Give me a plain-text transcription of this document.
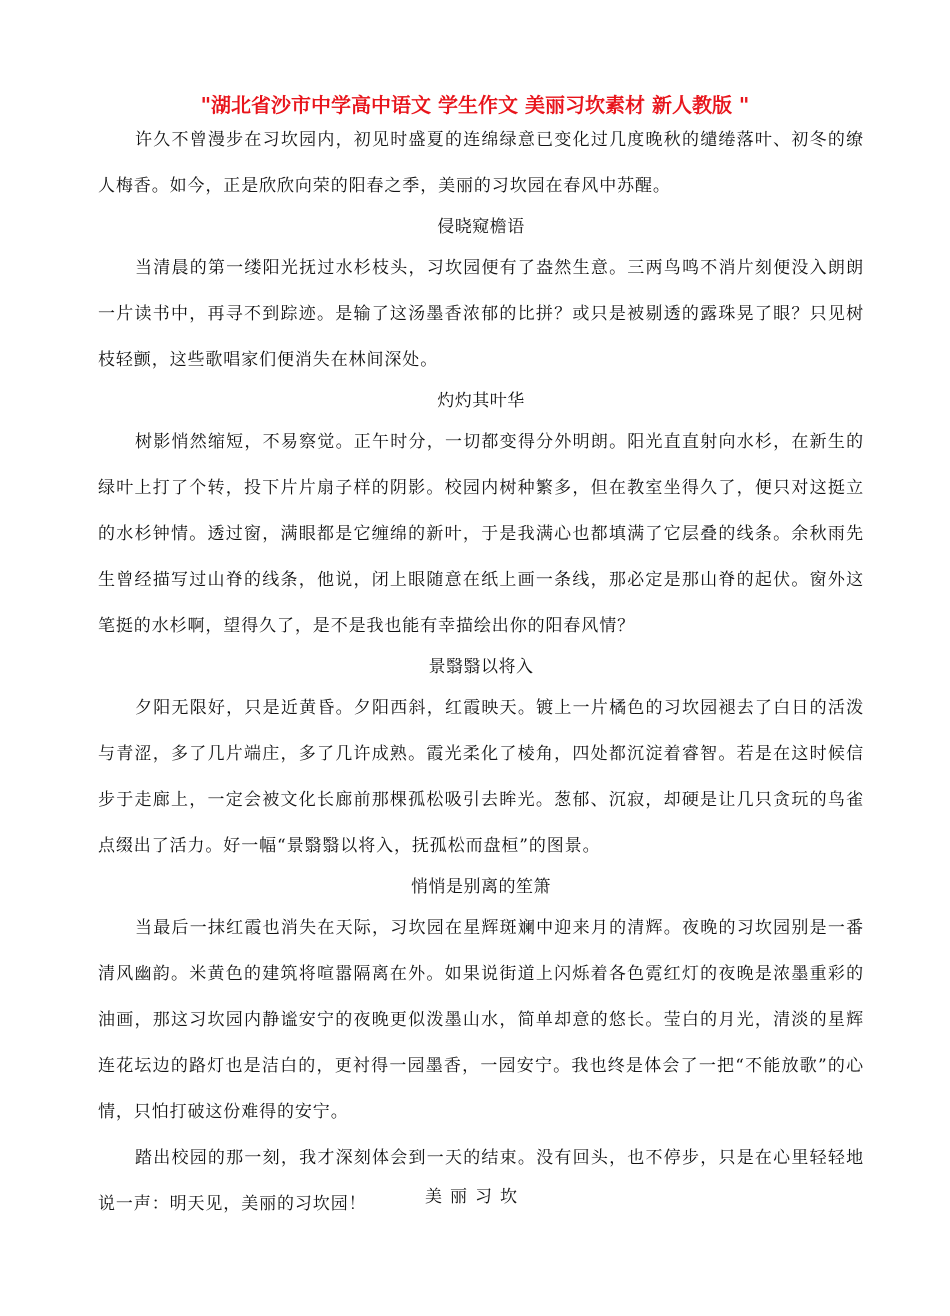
"湖北省沙市中学高中语文 学生作文 美丽习坎素材 新人教版 "

许久不曾漫步在习坎园内，初见时盛夏的连绵绿意已变化过几度晚秋的缱绻落叶、初冬的缭人梅香。如今，正是欣欣向荣的阳春之季，美丽的习坎园在春风中苏醒。

侵晓窥檐语

当清晨的第一缕阳光抚过水杉枝头，习坎园便有了盎然生意。三两鸟鸣不消片刻便没入朗朗一片读书中，再寻不到踪迹。是输了这汤墨香浓郁的比拼？或只是被剔透的露珠晃了眼？只见树枝轻颤，这些歌唱家们便消失在林间深处。

灼灼其叶华

树影悄然缩短，不易察觉。正午时分，一切都变得分外明朗。阳光直直射向水杉，在新生的绿叶上打了个转，投下片片扇子样的阴影。校园内树种繁多，但在教室坐得久了，便只对这挺立的水杉钟情。透过窗，满眼都是它缠绵的新叶，于是我满心也都填满了它层叠的线条。余秋雨先生曾经描写过山脊的线条，他说，闭上眼随意在纸上画一条线，那必定是那山脊的起伏。窗外这笔挺的水杉啊，望得久了，是不是我也能有幸描绘出你的阳春风情？

景翳翳以将入

夕阳无限好，只是近黄昏。夕阳西斜，红霞映天。镀上一片橘色的习坎园褪去了白日的活泼与青涩，多了几片端庄，多了几许成熟。霞光柔化了棱角，四处都沉淀着睿智。若是在这时候信步于走廊上，一定会被文化长廊前那棵孤松吸引去眸光。葱郁、沉寂，却硬是让几只贪玩的鸟雀点缀出了活力。好一幅“景翳翳以将入，抚孤松而盘桓”的图景。

悄悄是别离的笙箫

当最后一抹红霞也消失在天际，习坎园在星辉斑斓中迎来月的清辉。夜晚的习坎园别是一番清风幽韵。米黄色的建筑将喧嚣隔离在外。如果说街道上闪烁着各色霓红灯的夜晚是浓墨重彩的油画，那这习坎园内静谧安宁的夜晚更似泼墨山水，简单却意的悠长。莹白的月光，清淡的星辉连花坛边的路灯也是洁白的，更衬得一园墨香，一园安宁。我也终是体会了一把“不能放歌”的心情，只怕打破这份难得的安宁。

踏出校园的那一刻，我才深刻体会到一天的结束。没有回头，也不停步，只是在心里轻轻地说一声：明天见，美丽的习坎园！	美丽习坎
